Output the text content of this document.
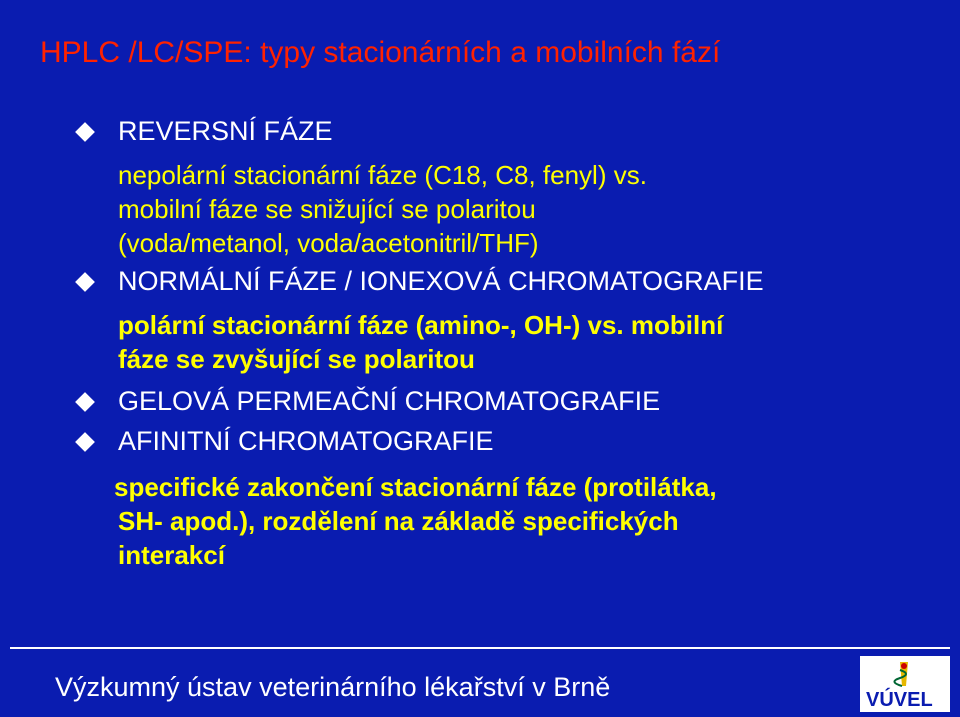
HPLC /LC/SPE: typy stacionárních a mobilních fází
REVERSNÍ FÁZE
nepolární stacionární fáze (C18, C8, fenyl) vs.
mobilní fáze se snižující se polaritou
(voda/metanol, voda/acetonitril/THF)
NORMÁLNÍ FÁZE / IONEXOVÁ CHROMATOGRAFIE
polární stacionární fáze (amino-, OH-) vs. mobilní
fáze se zvyšující se polaritou
GELOVÁ PERMEAČNÍ CHROMATOGRAFIE
AFINITNÍ CHROMATOGRAFIE
specifické zakončení stacionární fáze (protilátka,
SH- apod.), rozdělení na základě specifických
interakcí
Výzkumný ústav veterinárního lékařství v Brně	VÚVEL
